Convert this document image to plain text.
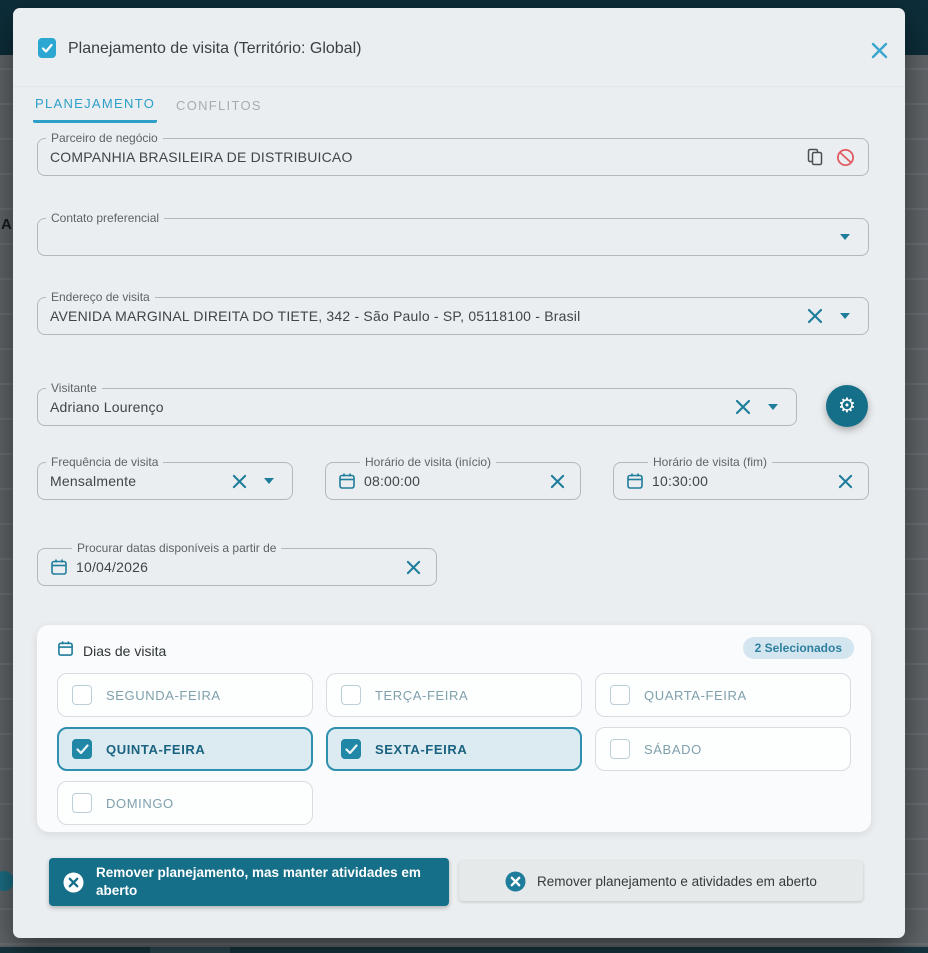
A
Planejamento de visita (Território: Global)
PLANEJAMENTO CONFLITOS
Parceiro de negócio
COMPANHIA BRASILEIRA DE DISTRIBUICAO
Contato preferencial
Endereço de visita
AVENIDA MARGINAL DIREITA DO TIETE, 342 - São Paulo - SP, 05118100 - Brasil
Visitante
Adriano Lourenço	⚙
Frequência de visita
Mensalmente
Horário de visita (início)
08:00:00
Horário de visita (fim)
10:30:00
Procurar datas disponíveis a partir de
10/04/2026
Dias de visita	2 Selecionados
SEGUNDA-FEIRA	TERÇA-FEIRA	QUARTA-FEIRA
QUINTA-FEIRA	SEXTA-FEIRA	SÁBADO
DOMINGO
Remover planejamento, mas manter atividades em aberto
Remover planejamento e atividades em aberto
